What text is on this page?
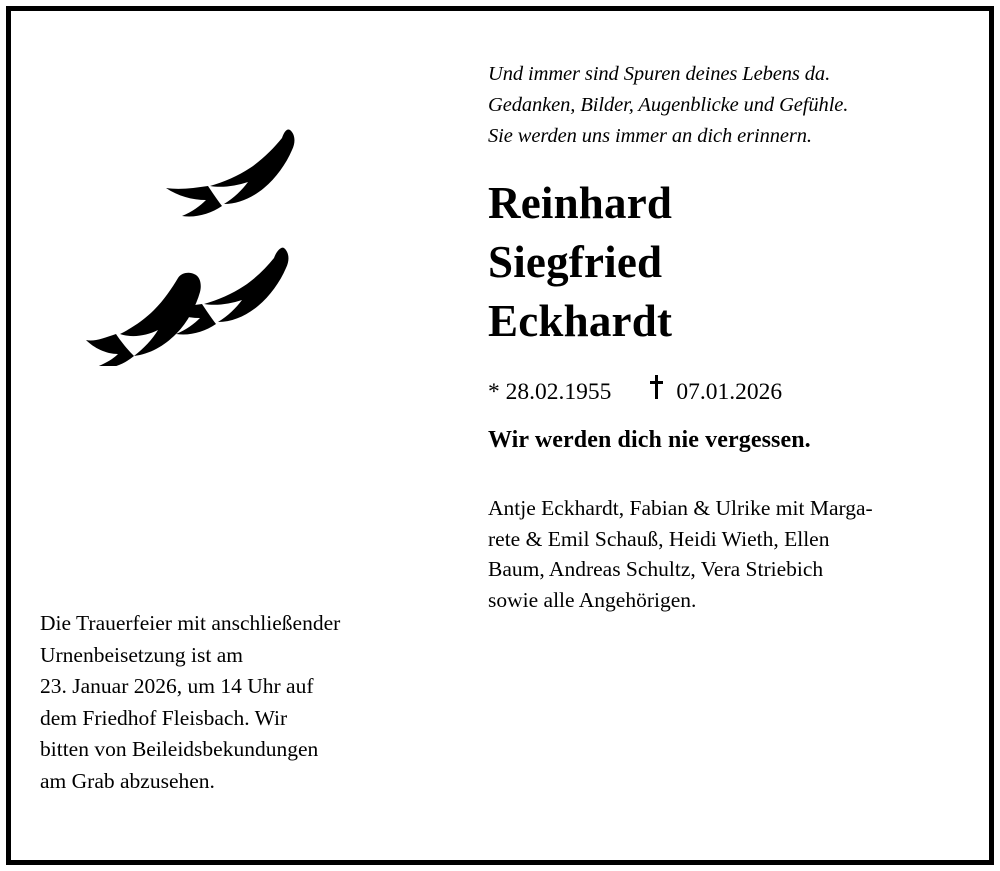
Und immer sind Spuren deines Lebens da.
Gedanken, Bilder, Augenblicke und Gefühle.
Sie werden uns immer an dich erinnern.
Reinhard
Siegfried
Eckhardt
* 28.02.1955	07.01.2026
Wir werden dich nie vergessen.
Antje Eckhardt, Fabian & Ulrike mit Marga-
rete & Emil Schauß, Heidi Wieth, Ellen
Baum, Andreas Schultz, Vera Striebich
sowie alle Angehörigen.
Die Trauerfeier mit anschließender
Urnenbeisetzung ist am
23. Januar 2026, um 14 Uhr auf
dem Friedhof Fleisbach. Wir
bitten von Beileidsbekundungen
am Grab abzusehen.
